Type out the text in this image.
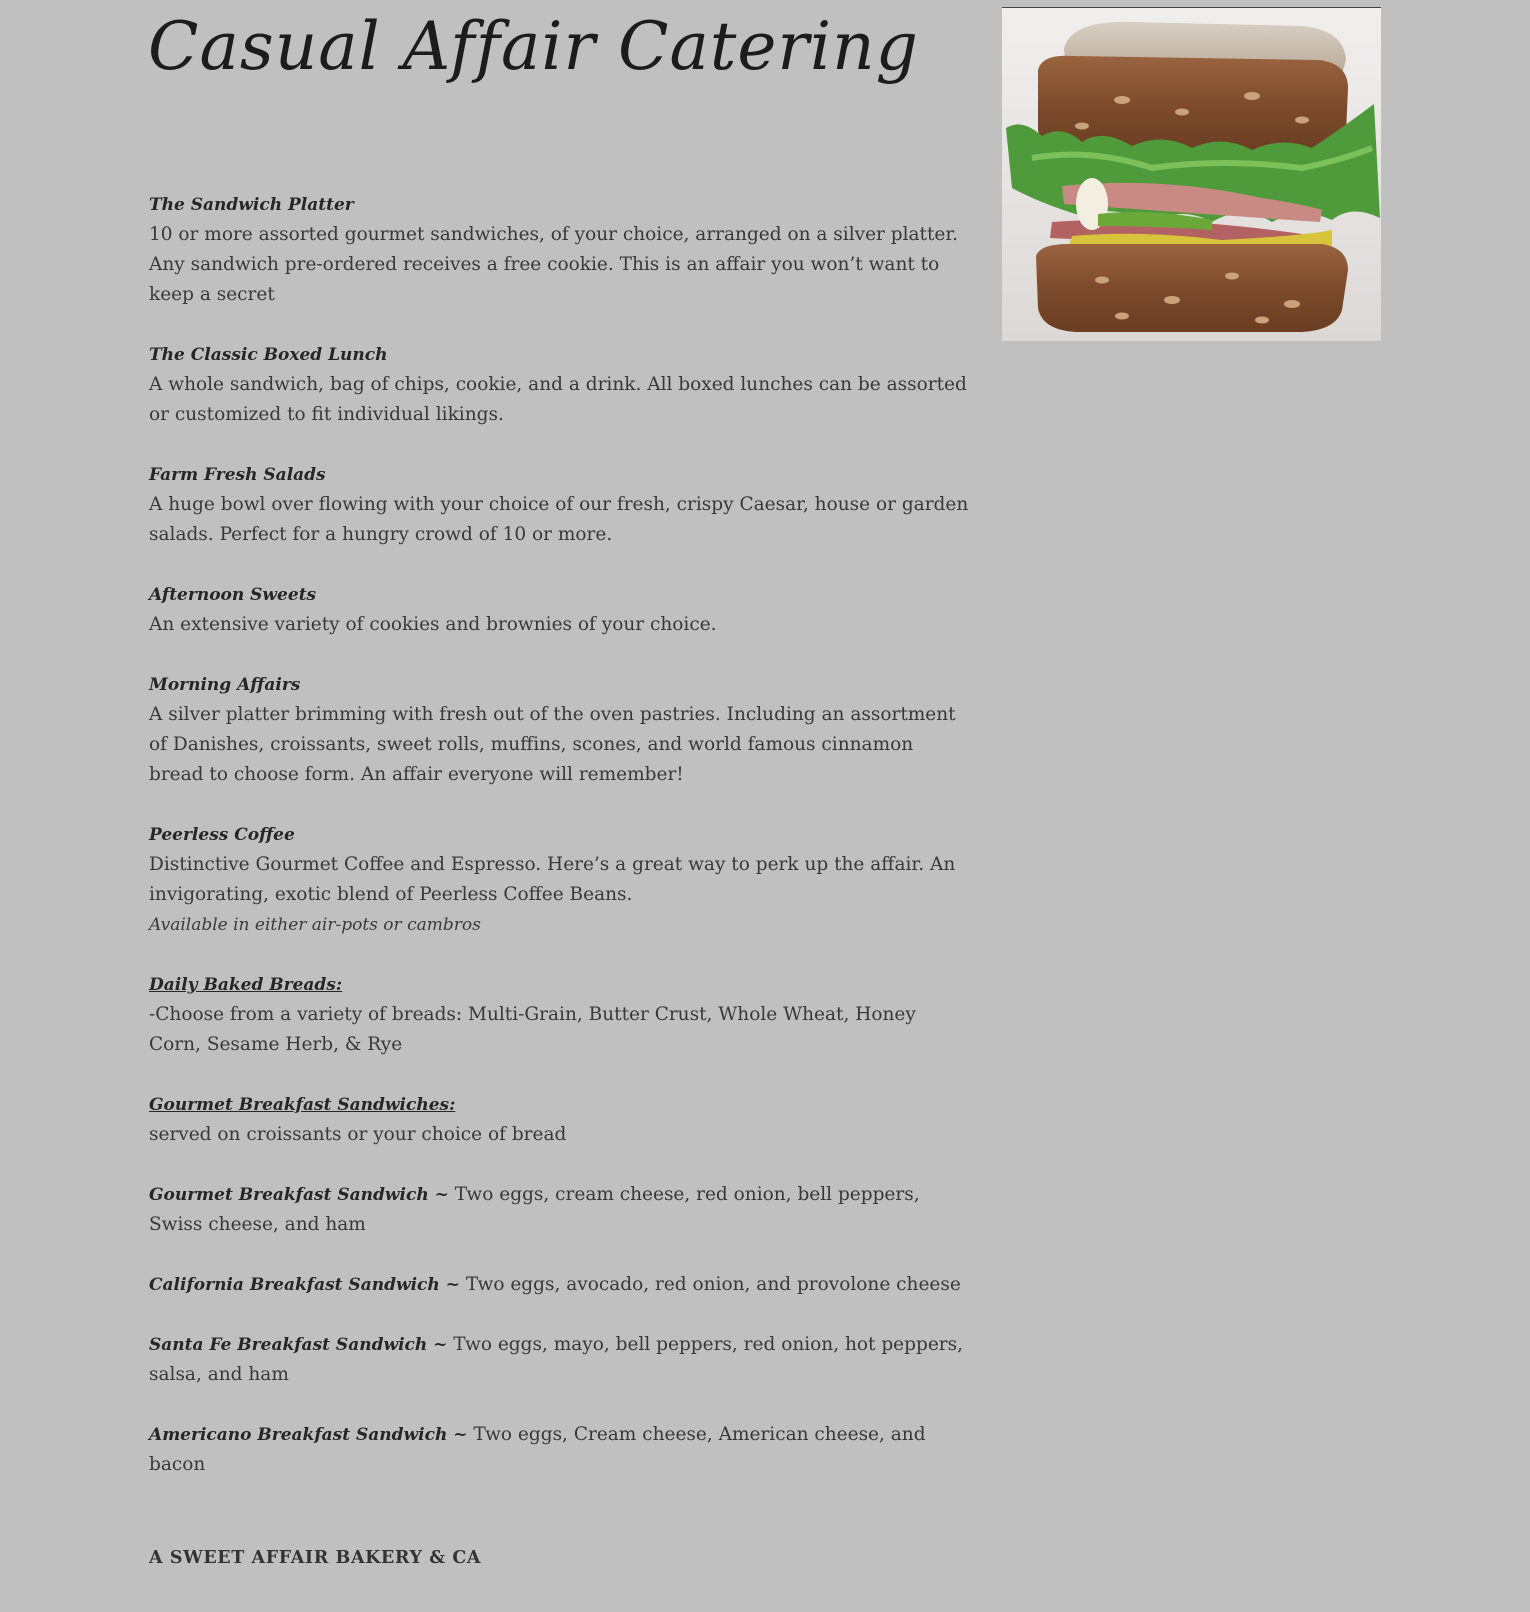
Casual Affair Catering
The Sandwich Platter
10 or more assorted gourmet sandwiches, of your choice, arranged on a silver platter. Any sandwich pre-ordered receives a free cookie. This is an affair you won’t want to keep a secret
The Classic Boxed Lunch
A whole sandwich, bag of chips, cookie, and a drink. All boxed lunches can be assorted or customized to fit individual likings.
Farm Fresh Salads
A huge bowl over flowing with your choice of our fresh, crispy Caesar, house or garden salads. Perfect for a hungry crowd of 10 or more.
Afternoon Sweets
An extensive variety of cookies and brownies of your choice.
Morning Affairs
A silver platter brimming with fresh out of the oven pastries. Including an assortment of Danishes, croissants, sweet rolls, muffins, scones, and world famous cinnamon bread to choose form. An affair everyone will remember!
Peerless Coffee
Distinctive Gourmet Coffee and Espresso. Here’s a great way to perk up the affair. An invigorating, exotic blend of Peerless Coffee Beans.
Available in either air-pots or cambros
Daily Baked Breads:
-Choose from a variety of breads: Multi-Grain, Butter Crust, Whole Wheat, Honey Corn, Sesame Herb, & Rye
Gourmet Breakfast Sandwiches:
served on croissants or your choice of bread
Gourmet Breakfast Sandwich ~ Two eggs, cream cheese, red onion, bell peppers, Swiss cheese, and ham
California Breakfast Sandwich ~ Two eggs, avocado, red onion, and provolone cheese
Santa Fe Breakfast Sandwich ~ Two eggs, mayo, bell peppers, red onion, hot peppers, salsa, and ham
Americano Breakfast Sandwich ~ Two eggs, Cream cheese, American cheese, and bacon
A SWEET AFFAIR BAKERY & CA
